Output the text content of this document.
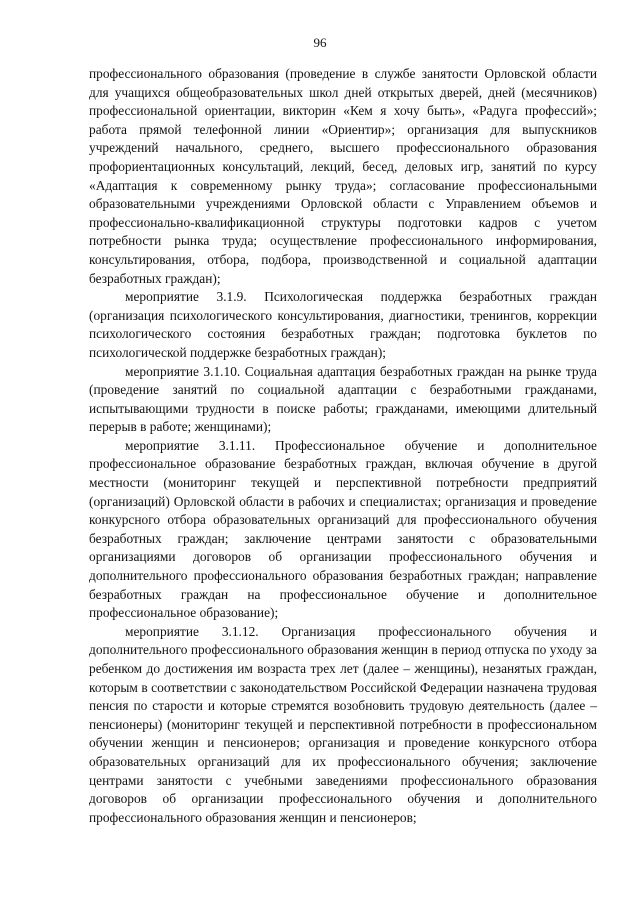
96

профессионального образования (проведение в службе занятости Орловской области для учащихся общеобразовательных школ дней открытых дверей, дней (месячников) профессиональной ориентации, викторин «Кем я хочу быть», «Радуга профессий»; работа прямой телефонной линии «Ориентир»; организация для выпускников учреждений начального, среднего, высшего профессионального образования профориентационных консультаций, лекций, бесед, деловых игр, занятий по курсу «Адаптация к современному рынку труда»; согласование профессиональными образовательными учреждениями Орловской области с Управлением объемов и профессионально-квалификационной структуры подготовки кадров с учетом потребности рынка труда; осуществление профессионального информирования, консультирования, отбора, подбора, производственной и социальной адаптации безработных граждан);

мероприятие 3.1.9. Психологическая поддержка безработных граждан (организация психологического консультирования, диагностики, тренингов, коррекции психологического состояния безработных граждан; подготовка буклетов по психологической поддержке безработных граждан);

мероприятие 3.1.10. Социальная адаптация безработных граждан на рынке труда (проведение занятий по социальной адаптации с безработными гражданами, испытывающими трудности в поиске работы; гражданами, имеющими длительный перерыв в работе; женщинами);

мероприятие 3.1.11. Профессиональное обучение и дополнительное профессиональное образование безработных граждан, включая обучение в другой местности (мониторинг текущей и перспективной потребности предприятий (организаций) Орловской области в рабочих и специалистах; организация и проведение конкурсного отбора образовательных организаций для профессионального обучения безработных граждан; заключение центрами занятости с образовательными организациями договоров об организации профессионального обучения и дополнительного профессионального образования безработных граждан; направление безработных граждан на профессиональное обучение и дополнительное профессиональное образование);

мероприятие 3.1.12. Организация профессионального обучения и дополнительного профессионального образования женщин в период отпуска по уходу за ребенком до достижения им возраста трех лет (далее – женщины), незанятых граждан, которым в соответствии с законодательством Российской Федерации назначена трудовая пенсия по старости и которые стремятся возобновить трудовую деятельность (далее – пенсионеры) (мониторинг текущей и перспективной потребности в профессиональном обучении женщин и пенсионеров; организация и проведение конкурсного отбора образовательных организаций для их профессионального обучения; заключение центрами занятости с учебными заведениями профессионального образования договоров об организации профессионального обучения и дополнительного профессионального образования женщин и пенсионеров;
